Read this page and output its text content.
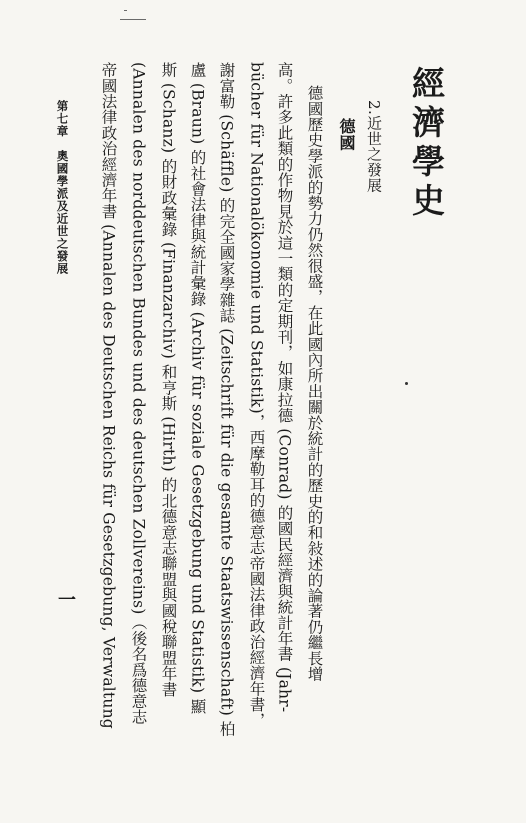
經濟學史
2.近世之發展
德國
德國歷史學派的勢力仍然很盛，在此國內所出關於統計的歷史的和敍述的論著仍繼長增
高。許多此類的作物見於這一類的定期刊，如康拉德 (Conrad) 的國民經濟與統計年書 (Jahr-
bücher für Nationalökonomie und Statistik)，西摩勒耳的德意志帝國法律政治經濟年書，
謝富勒 (Schäffle) 的完全國家學雜誌 (Zeitschrift für die gesamte Staatswissenschaft) 柏
盧 (Braun) 的社會法律與統計彙錄 (Archiv für soziale Gesetzgebung und Statistik) 顯
斯 (Schanz) 的財政彙錄 (Finanzarchiv) 和亨斯 (Hirth) 的北德意志聯盟與國稅聯盟年書
(Annalen des norddeutschen Bundes und des deutschen Zollvereins)（後名爲德意志
帝國法律政治經濟年書 (Annalen des Deutschen Reichs für Gesetzgebung, Verwaltung
第七章　奧國學派及近世之發展
一
